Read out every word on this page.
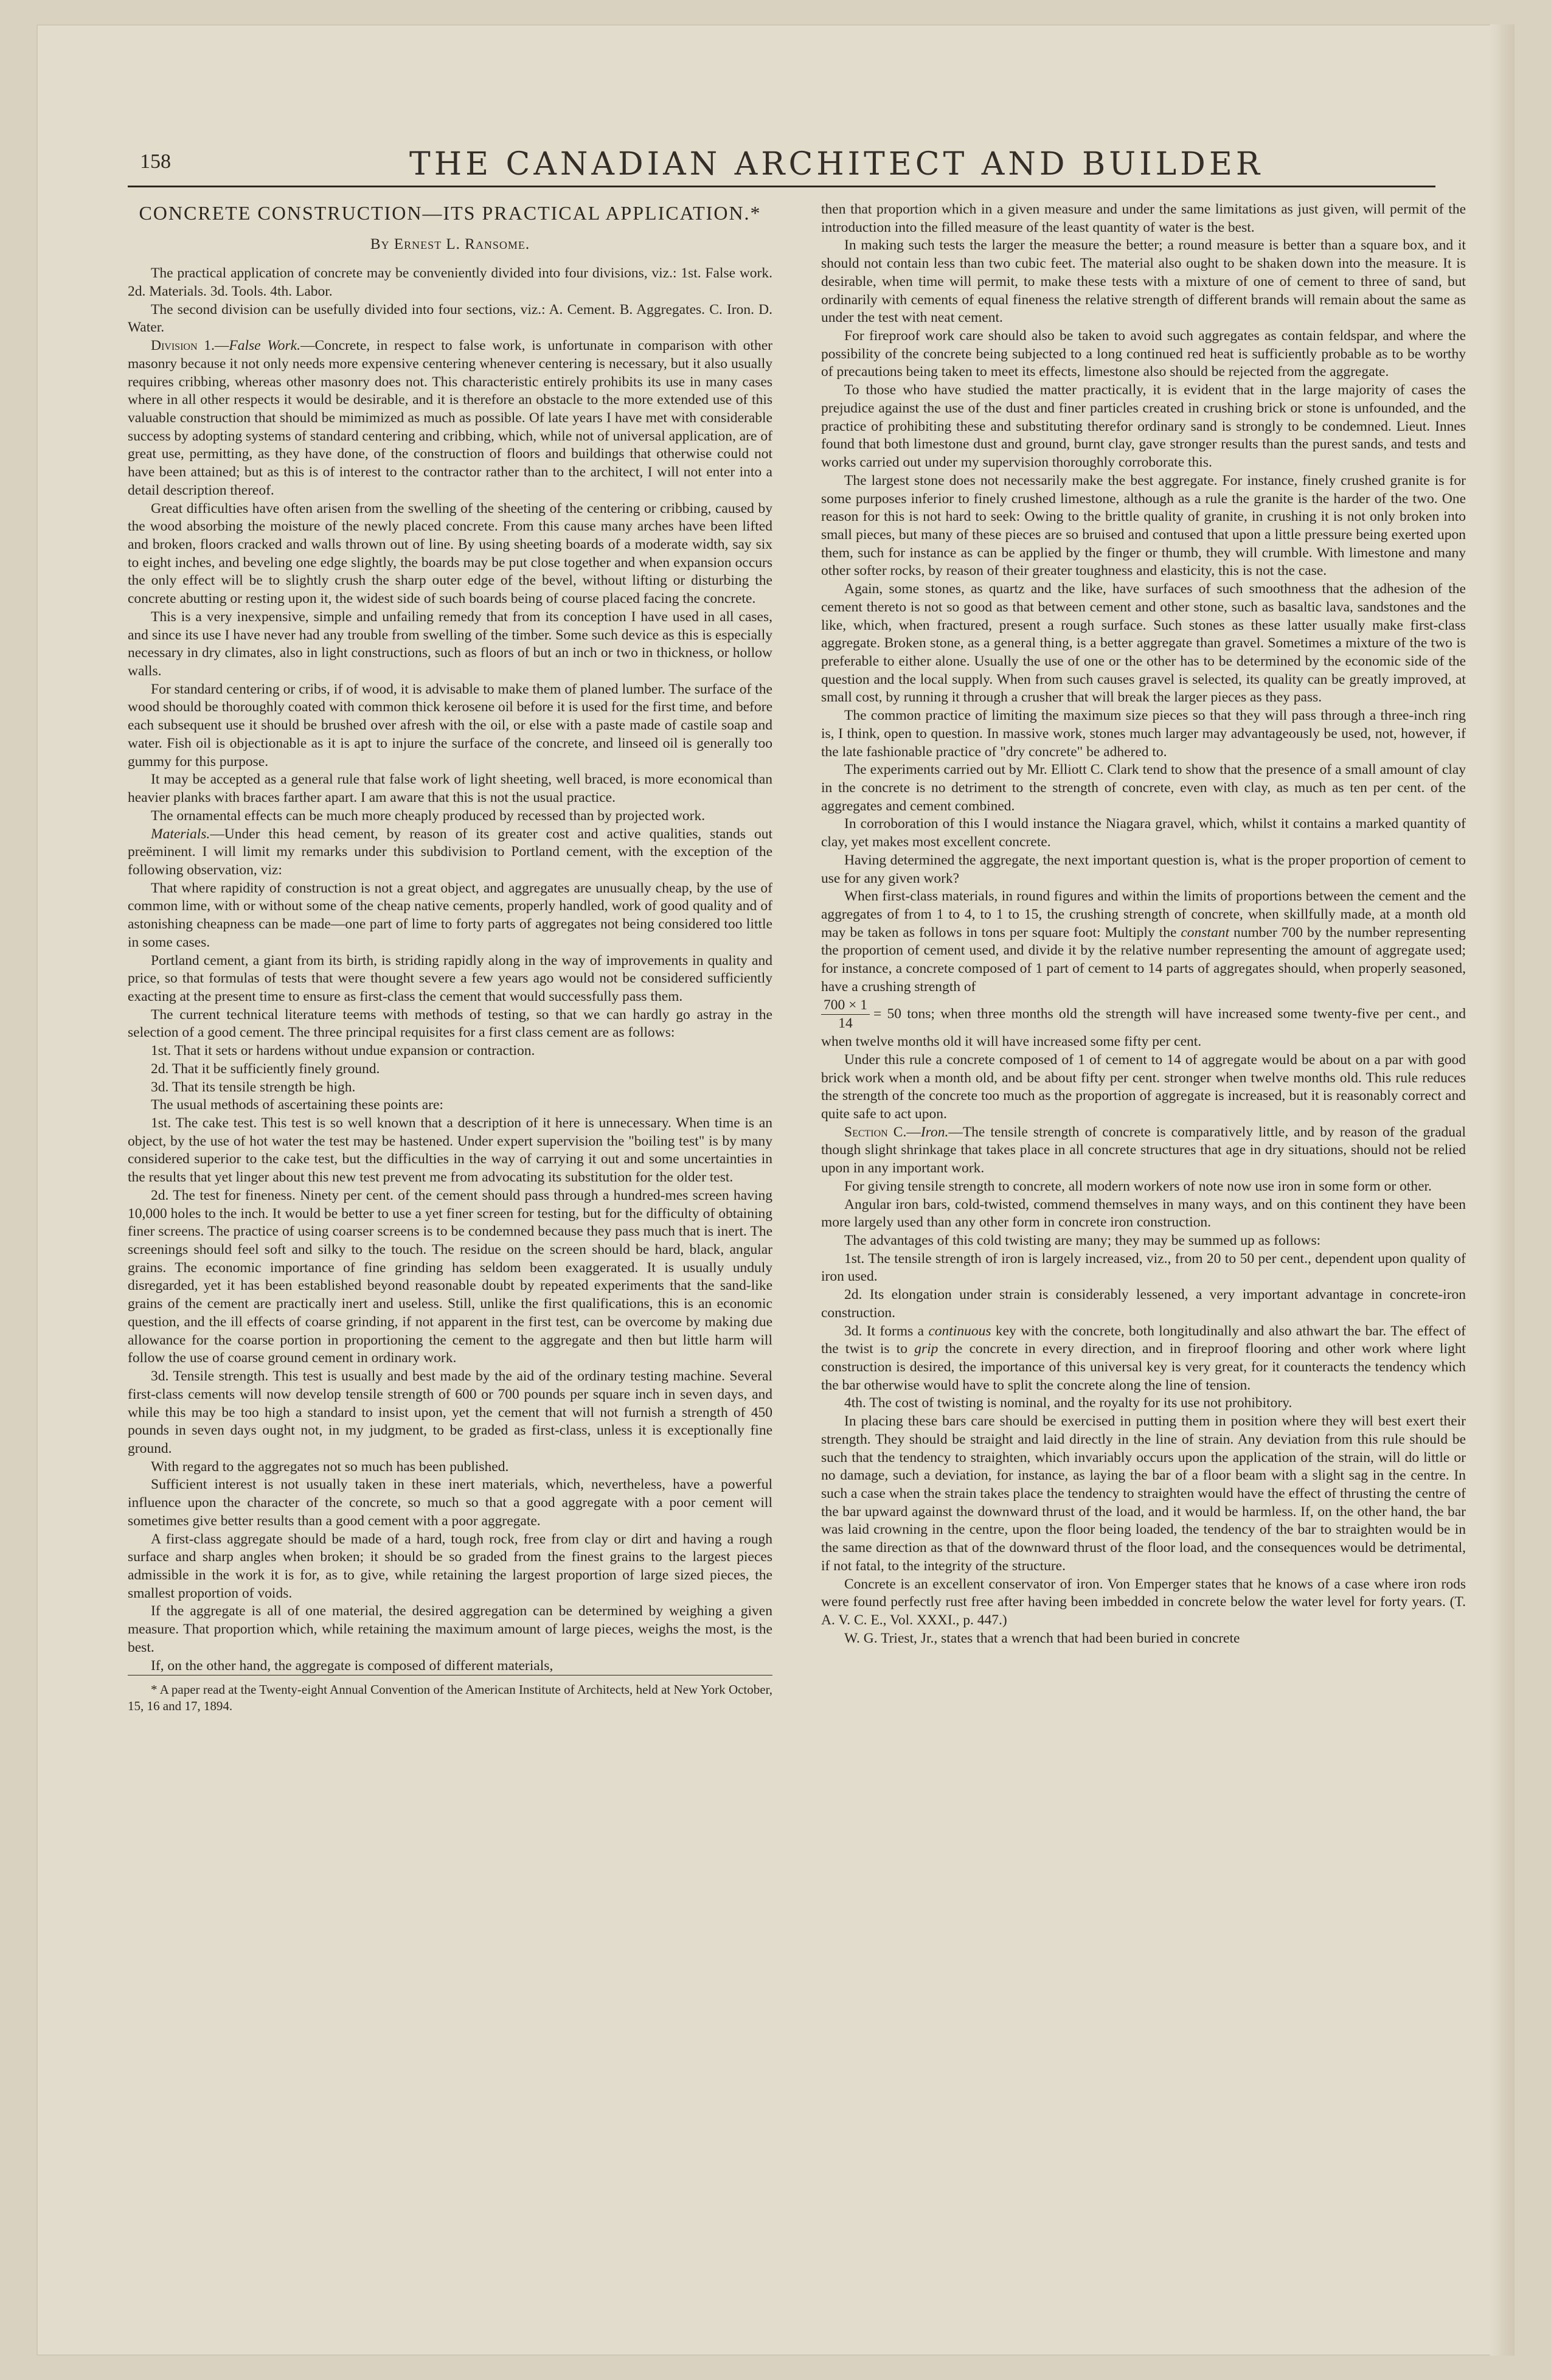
158	THE CANADIAN ARCHITECT AND BUILDER
CONCRETE CONSTRUCTION—ITS PRACTICAL APPLICATION.*
By Ernest L. Ransome.

The practical application of concrete may be conveniently divided into four divisions, viz.: 1st. False work. 2d. Materials. 3d. Tools. 4th. Labor.

The second division can be usefully divided into four sections, viz.: A. Cement. B. Aggregates. C. Iron. D. Water.

Division 1.—False Work.—Concrete, in respect to false work, is unfortunate in comparison with other masonry because it not only needs more expensive centering whenever centering is necessary, but it also usually requires cribbing, whereas other masonry does not. This characteristic entirely prohibits its use in many cases where in all other respects it would be desirable, and it is therefore an obstacle to the more extended use of this valuable construction that should be mimimized as much as possible. Of late years I have met with considerable success by adopting systems of standard centering and cribbing, which, while not of universal application, are of great use, permitting, as they have done, of the construction of floors and buildings that otherwise could not have been attained; but as this is of interest to the contractor rather than to the architect, I will not enter into a detail description thereof.

Great difficulties have often arisen from the swelling of the sheeting of the centering or cribbing, caused by the wood absorbing the moisture of the newly placed concrete. From this cause many arches have been lifted and broken, floors cracked and walls thrown out of line. By using sheeting boards of a moderate width, say six to eight inches, and beveling one edge slightly, the boards may be put close together and when expansion occurs the only effect will be to slightly crush the sharp outer edge of the bevel, without lifting or disturbing the concrete abutting or resting upon it, the widest side of such boards being of course placed facing the concrete.

This is a very inexpensive, simple and unfailing remedy that from its conception I have used in all cases, and since its use I have never had any trouble from swelling of the timber. Some such device as this is especially necessary in dry climates, also in light constructions, such as floors of but an inch or two in thickness, or hollow walls.

For standard centering or cribs, if of wood, it is advisable to make them of planed lumber. The surface of the wood should be thoroughly coated with common thick kerosene oil before it is used for the first time, and before each subsequent use it should be brushed over afresh with the oil, or else with a paste made of castile soap and water. Fish oil is objectionable as it is apt to injure the surface of the concrete, and linseed oil is generally too gummy for this purpose.

It may be accepted as a general rule that false work of light sheeting, well braced, is more economical than heavier planks with braces farther apart. I am aware that this is not the usual practice.

The ornamental effects can be much more cheaply produced by recessed than by projected work.

Materials.—Under this head cement, by reason of its greater cost and active qualities, stands out preëminent. I will limit my remarks under this subdivision to Portland cement, with the exception of the following observation, viz:

That where rapidity of construction is not a great object, and aggregates are unusually cheap, by the use of common lime, with or without some of the cheap native cements, properly handled, work of good quality and of astonishing cheapness can be made—one part of lime to forty parts of aggregates not being considered too little in some cases.

Portland cement, a giant from its birth, is striding rapidly along in the way of improvements in quality and price, so that formulas of tests that were thought severe a few years ago would not be considered sufficiently exacting at the present time to ensure as first-class the cement that would successfully pass them.

The current technical literature teems with methods of testing, so that we can hardly go astray in the selection of a good cement. The three principal requisites for a first class cement are as follows:

1st. That it sets or hardens without undue expansion or contraction.

2d. That it be sufficiently finely ground.

3d. That its tensile strength be high.

The usual methods of ascertaining these points are:

1st. The cake test. This test is so well known that a description of it here is unnecessary. When time is an object, by the use of hot water the test may be hastened. Under expert supervision the "boiling test" is by many considered superior to the cake test, but the difficulties in the way of carrying it out and some uncertainties in the results that yet linger about this new test prevent me from advocating its substitution for the older test.

2d. The test for fineness. Ninety per cent. of the cement should pass through a hundred-mes screen having 10,000 holes to the inch. It would be better to use a yet finer screen for testing, but for the difficulty of obtaining finer screens. The practice of using coarser screens is to be condemned because they pass much that is inert. The screenings should feel soft and silky to the touch. The residue on the screen should be hard, black, angular grains. The economic importance of fine grinding has seldom been exaggerated. It is usually unduly disregarded, yet it has been established beyond reasonable doubt by repeated experiments that the sand-like grains of the cement are practically inert and useless. Still, unlike the first qualifications, this is an economic question, and the ill effects of coarse grinding, if not apparent in the first test, can be overcome by making due allowance for the coarse portion in proportioning the cement to the aggregate and then but little harm will follow the use of coarse ground cement in ordinary work.

3d. Tensile strength. This test is usually and best made by the aid of the ordinary testing machine. Several first-class cements will now develop tensile strength of 600 or 700 pounds per square inch in seven days, and while this may be too high a standard to insist upon, yet the cement that will not furnish a strength of 450 pounds in seven days ought not, in my judgment, to be graded as first-class, unless it is exceptionally fine ground.

With regard to the aggregates not so much has been published.

Sufficient interest is not usually taken in these inert materials, which, nevertheless, have a powerful influence upon the character of the concrete, so much so that a good aggregate with a poor cement will sometimes give better results than a good cement with a poor aggregate.

A first-class aggregate should be made of a hard, tough rock, free from clay or dirt and having a rough surface and sharp angles when broken; it should be so graded from the finest grains to the largest pieces admissible in the work it is for, as to give, while retaining the largest proportion of large sized pieces, the smallest proportion of voids.

If the aggregate is all of one material, the desired aggregation can be determined by weighing a given measure. That proportion which, while retaining the maximum amount of large pieces, weighs the most, is the best.

If, on the other hand, the aggregate is composed of different materials,

* A paper read at the Twenty-eight Annual Convention of the American Institute of Architects, held at New York October, 15, 16 and 17, 1894.

then that proportion which in a given measure and under the same limitations as just given, will permit of the introduction into the filled measure of the least quantity of water is the best.

In making such tests the larger the measure the better; a round measure is better than a square box, and it should not contain less than two cubic feet. The material also ought to be shaken down into the measure. It is desirable, when time will permit, to make these tests with a mixture of one of cement to three of sand, but ordinarily with cements of equal fineness the relative strength of different brands will remain about the same as under the test with neat cement.

For fireproof work care should also be taken to avoid such aggregates as contain feldspar, and where the possibility of the concrete being subjected to a long continued red heat is sufficiently probable as to be worthy of precautions being taken to meet its effects, limestone also should be rejected from the aggregate.

To those who have studied the matter practically, it is evident that in the large majority of cases the prejudice against the use of the dust and finer particles created in crushing brick or stone is unfounded, and the practice of prohibiting these and substituting therefor ordinary sand is strongly to be condemned. Lieut. Innes found that both limestone dust and ground, burnt clay, gave stronger results than the purest sands, and tests and works carried out under my supervision thoroughly corroborate this.

The largest stone does not necessarily make the best aggregate. For instance, finely crushed granite is for some purposes inferior to finely crushed limestone, although as a rule the granite is the harder of the two. One reason for this is not hard to seek: Owing to the brittle quality of granite, in crushing it is not only broken into small pieces, but many of these pieces are so bruised and contused that upon a little pressure being exerted upon them, such for instance as can be applied by the finger or thumb, they will crumble. With limestone and many other softer rocks, by reason of their greater toughness and elasticity, this is not the case.

Again, some stones, as quartz and the like, have surfaces of such smoothness that the adhesion of the cement thereto is not so good as that between cement and other stone, such as basaltic lava, sandstones and the like, which, when fractured, present a rough surface. Such stones as these latter usually make first-class aggregate. Broken stone, as a general thing, is a better aggregate than gravel. Sometimes a mixture of the two is preferable to either alone. Usually the use of one or the other has to be determined by the economic side of the question and the local supply. When from such causes gravel is selected, its quality can be greatly improved, at small cost, by running it through a crusher that will break the larger pieces as they pass.

The common practice of limiting the maximum size pieces so that they will pass through a three-inch ring is, I think, open to question. In massive work, stones much larger may advantageously be used, not, however, if the late fashionable practice of "dry concrete" be adhered to.

The experiments carried out by Mr. Elliott C. Clark tend to show that the presence of a small amount of clay in the concrete is no detriment to the strength of concrete, even with clay, as much as ten per cent. of the aggregates and cement combined.

In corroboration of this I would instance the Niagara gravel, which, whilst it contains a marked quantity of clay, yet makes most excellent concrete.

Having determined the aggregate, the next important question is, what is the proper proportion of cement to use for any given work?

When first-class materials, in round figures and within the limits of proportions between the cement and the aggregates of from 1 to 4, to 1 to 15, the crushing strength of concrete, when skillfully made, at a month old may be taken as follows in tons per square foot: Multiply the constant number 700 by the number representing the proportion of cement used, and divide it by the relative number representing the amount of aggregate used; for instance, a concrete composed of 1 part of cement to 14 parts of aggregates should, when properly seasoned, have a crushing strength of

$\frac{700 \times 1}{14} = 50$ tons; when three months old the strength will have increased some twenty-five per cent., and when twelve months old it will have increased some fifty per cent.

Under this rule a concrete composed of 1 of cement to 14 of aggregate would be about on a par with good brick work when a month old, and be about fifty per cent. stronger when twelve months old. This rule reduces the strength of the concrete too much as the proportion of aggregate is increased, but it is reasonably correct and quite safe to act upon.

Section C.—Iron.—The tensile strength of concrete is comparatively little, and by reason of the gradual though slight shrinkage that takes place in all concrete structures that age in dry situations, should not be relied upon in any important work.

For giving tensile strength to concrete, all modern workers of note now use iron in some form or other.

Angular iron bars, cold-twisted, commend themselves in many ways, and on this continent they have been more largely used than any other form in concrete iron construction.

The advantages of this cold twisting are many; they may be summed up as follows:

1st. The tensile strength of iron is largely increased, viz., from 20 to 50 per cent., dependent upon quality of iron used.

2d. Its elongation under strain is considerably lessened, a very important advantage in concrete-iron construction.

3d. It forms a continuous key with the concrete, both longitudinally and also athwart the bar. The effect of the twist is to grip the concrete in every direction, and in fireproof flooring and other work where light construction is desired, the importance of this universal key is very great, for it counteracts the tendency which the bar otherwise would have to split the concrete along the line of tension.

4th. The cost of twisting is nominal, and the royalty for its use not prohibitory.

In placing these bars care should be exercised in putting them in position where they will best exert their strength. They should be straight and laid directly in the line of strain. Any deviation from this rule should be such that the tendency to straighten, which invariably occurs upon the application of the strain, will do little or no damage, such a deviation, for instance, as laying the bar of a floor beam with a slight sag in the centre. In such a case when the strain takes place the tendency to straighten would have the effect of thrusting the centre of the bar upward against the downward thrust of the load, and it would be harmless. If, on the other hand, the bar was laid crowning in the centre, upon the floor being loaded, the tendency of the bar to straighten would be in the same direction as that of the downward thrust of the floor load, and the consequences would be detrimental, if not fatal, to the integrity of the structure.

Concrete is an excellent conservator of iron. Von Emperger states that he knows of a case where iron rods were found perfectly rust free after having been imbedded in concrete below the water level for forty years. (T. A. V. C. E., Vol. XXXI., p. 447.)

W. G. Triest, Jr., states that a wrench that had been buried in concrete
